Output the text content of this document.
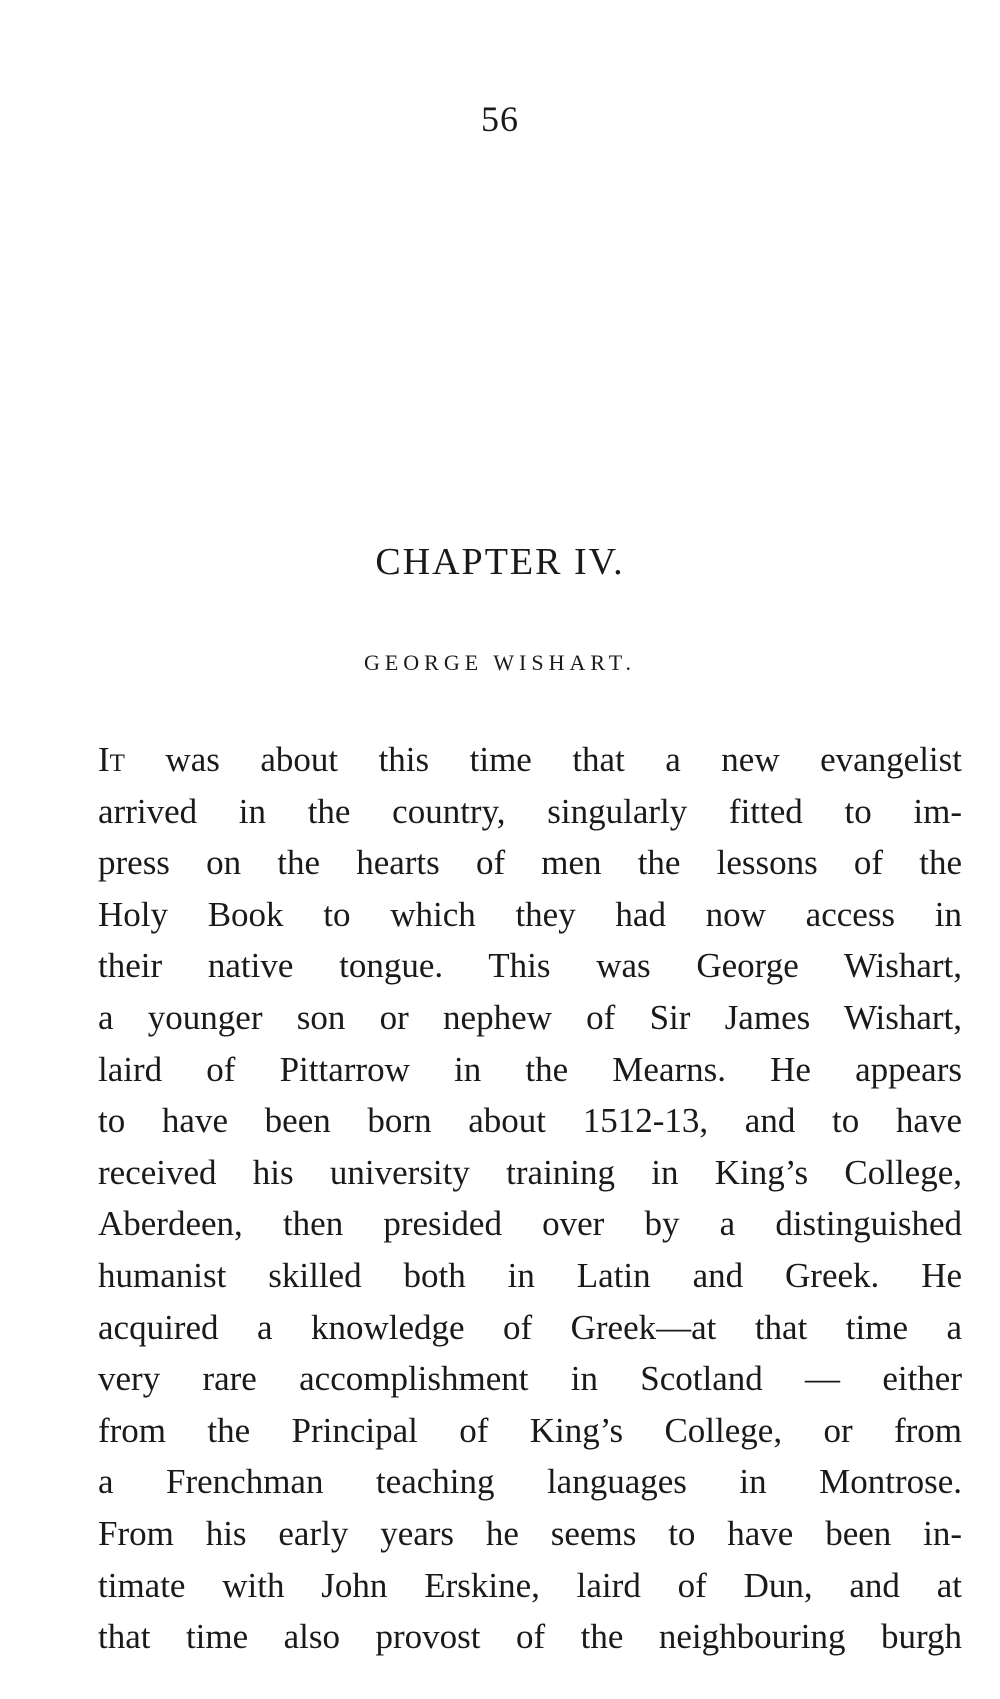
56
CHAPTER IV.
GEORGE WISHART.
It was about this time that a new evangelist
arrived in the country, singularly fitted to im-
press on the hearts of men the lessons of the
Holy Book to which they had now access in
their native tongue. This was George Wishart,
a younger son or nephew of Sir James Wishart,
laird of Pittarrow in the Mearns. He appears
to have been born about 1512-13, and to have
received his university training in King’s College,
Aberdeen, then presided over by a distinguished
humanist skilled both in Latin and Greek. He
acquired a knowledge of Greek—at that time a
very rare accomplishment in Scotland — either
from the Principal of King’s College, or from
a Frenchman teaching languages in Montrose.
From his early years he seems to have been in-
timate with John Erskine, laird of Dun, and at
that time also provost of the neighbouring burgh
